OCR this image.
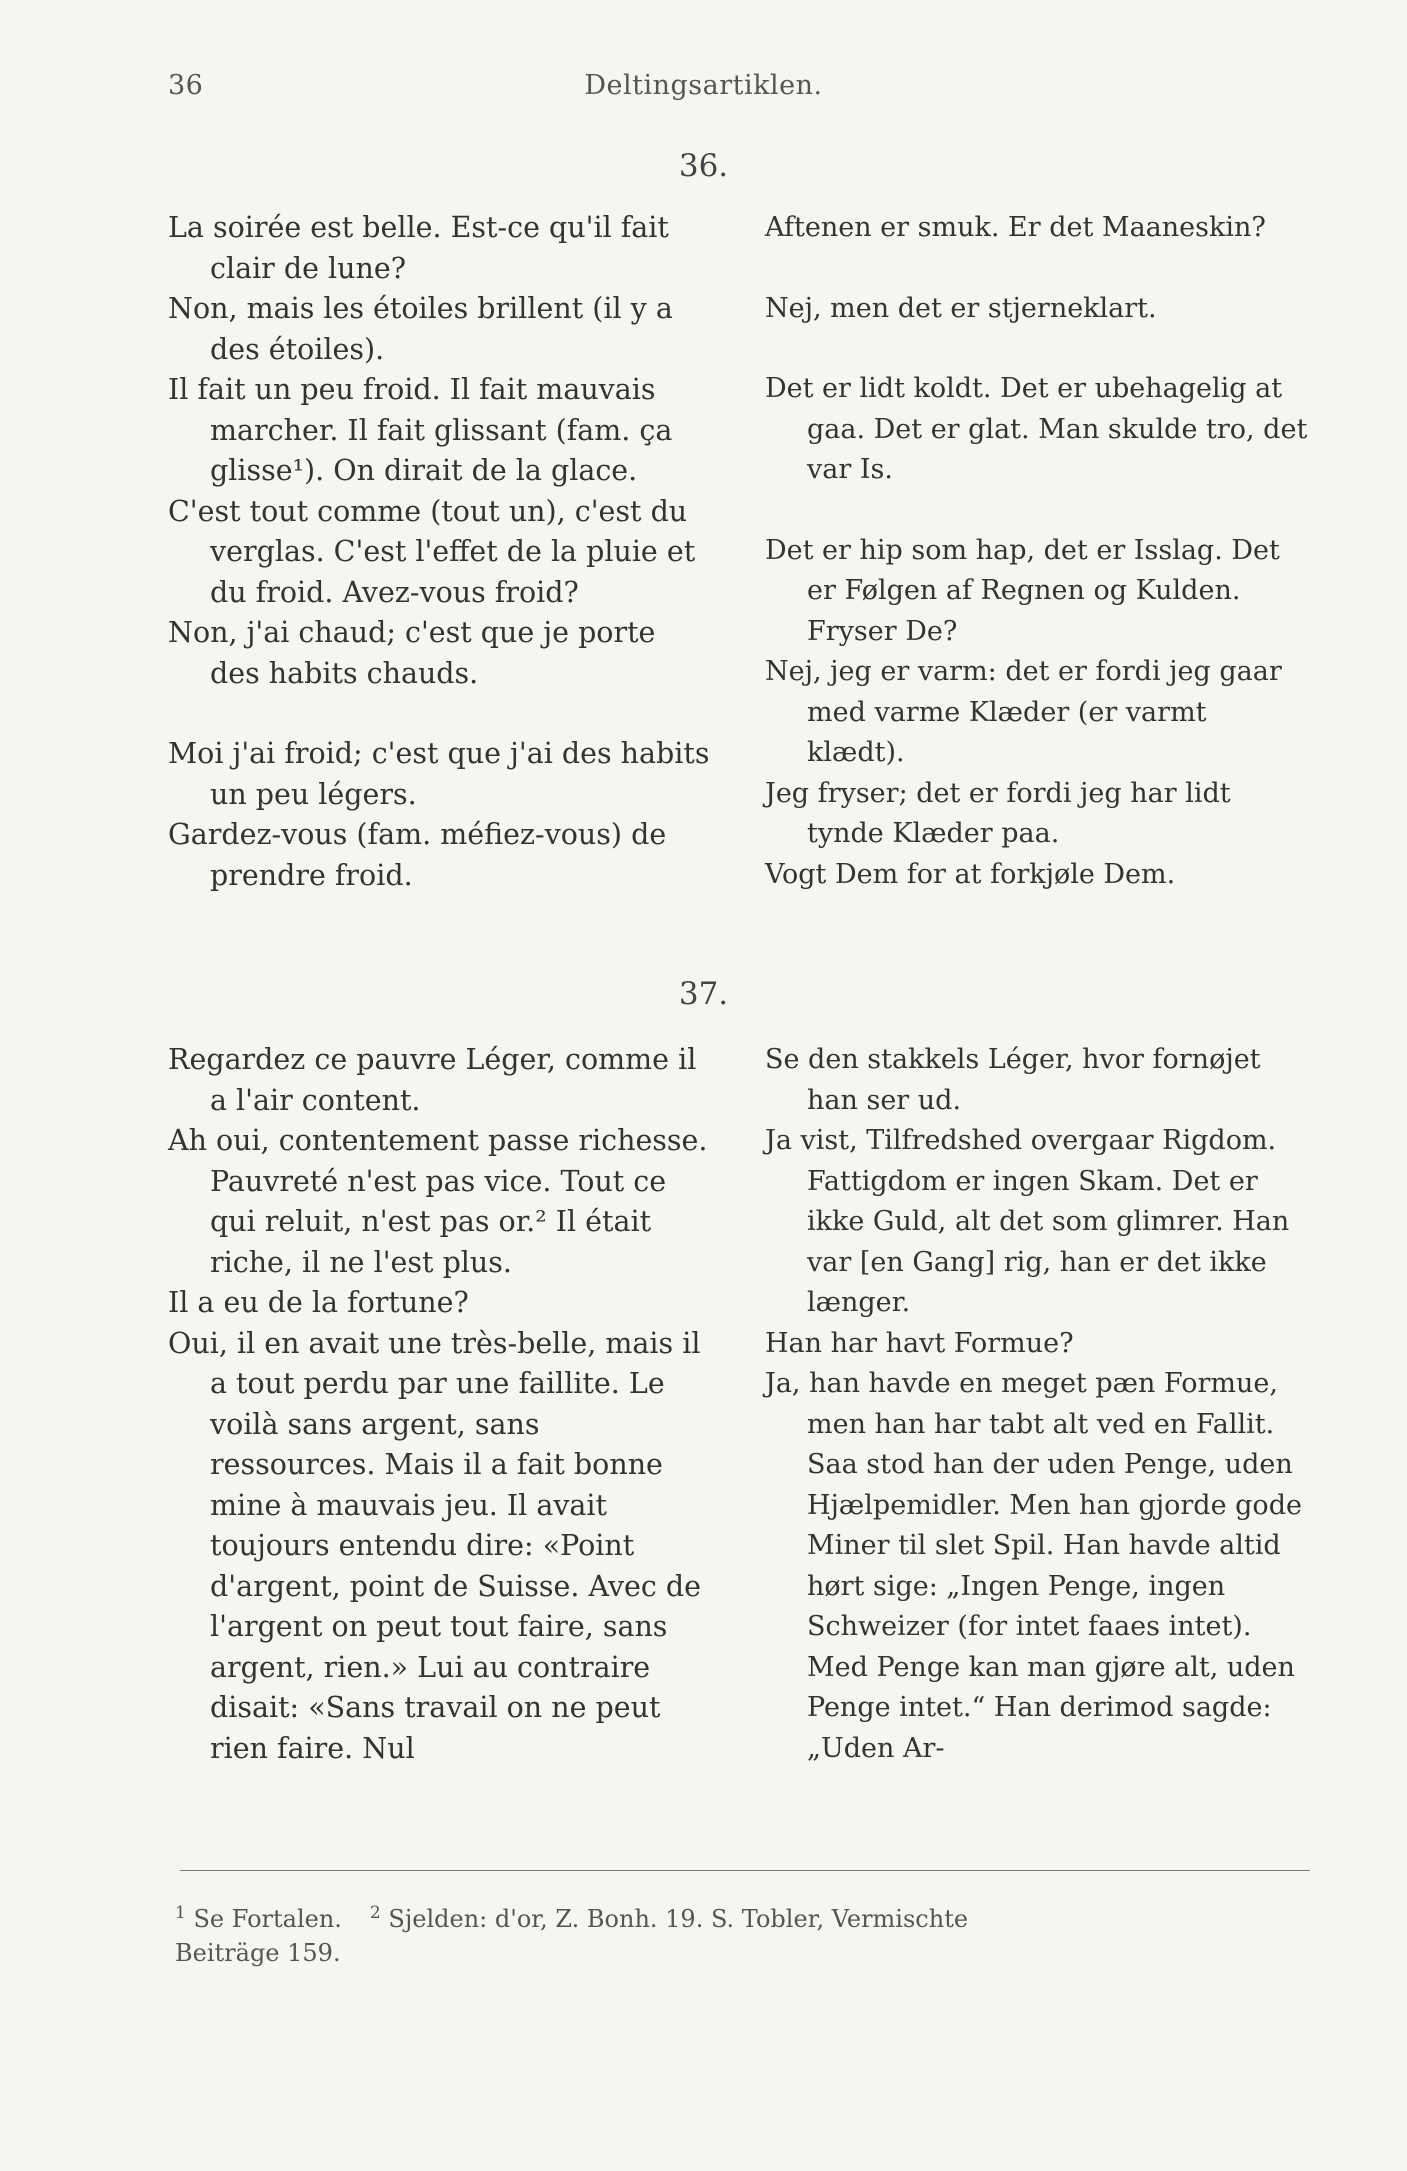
36	Deltingsartiklen.
36.

La soirée est belle. Est-ce qu'il fait clair de lune?

Non, mais les étoiles brillent (il y a des étoiles).

Il fait un peu froid. Il fait mauvais marcher. Il fait glissant (fam. ça glisse¹). On dirait de la glace.

C'est tout comme (tout un), c'est du verglas. C'est l'effet de la pluie et du froid. Avez-vous froid?

Non, j'ai chaud; c'est que je porte des habits chauds.

Moi j'ai froid; c'est que j'ai des habits un peu légers.

Gardez-vous (fam. méfiez-vous) de prendre froid.

Aftenen er smuk. Er det Maaneskin?

Nej, men det er stjerneklart.

Det er lidt koldt. Det er ubehagelig at gaa. Det er glat. Man skulde tro, det var Is.

Det er hip som hap, det er Isslag. Det er Følgen af Regnen og Kulden. Fryser De?

Nej, jeg er varm: det er fordi jeg gaar med varme Klæder (er varmt klædt).

Jeg fryser; det er fordi jeg har lidt tynde Klæder paa.

Vogt Dem for at forkjøle Dem.

37.

Regardez ce pauvre Léger, comme il a l'air content.

Ah oui, contentement passe richesse. Pauvreté n'est pas vice. Tout ce qui reluit, n'est pas or.² Il était riche, il ne l'est plus.

Il a eu de la fortune?

Oui, il en avait une très-belle, mais il a tout perdu par une faillite. Le voilà sans argent, sans ressources. Mais il a fait bonne mine à mauvais jeu. Il avait toujours entendu dire: «Point d'argent, point de Suisse. Avec de l'argent on peut tout faire, sans argent, rien.» Lui au contraire disait: «Sans travail on ne peut rien faire. Nul

Se den stakkels Léger, hvor fornøjet han ser ud.

Ja vist, Tilfredshed overgaar Rigdom. Fattigdom er ingen Skam. Det er ikke Guld, alt det som glimrer. Han var [en Gang] rig, han er det ikke længer.

Han har havt Formue?

Ja, han havde en meget pæn Formue, men han har tabt alt ved en Fallit. Saa stod han der uden Penge, uden Hjælpemidler. Men han gjorde gode Miner til slet Spil. Han havde altid hørt sige: „Ingen Penge, ingen Schweizer (for intet faaes intet). Med Penge kan man gjøre alt, uden Penge intet.“ Han derimod sagde: „Uden Ar-

$^1$ Se Fortalen. $^2$ Sjelden: d'or, Z. Bonh. 19. S. Tobler, Vermischte
Beiträge 159.
